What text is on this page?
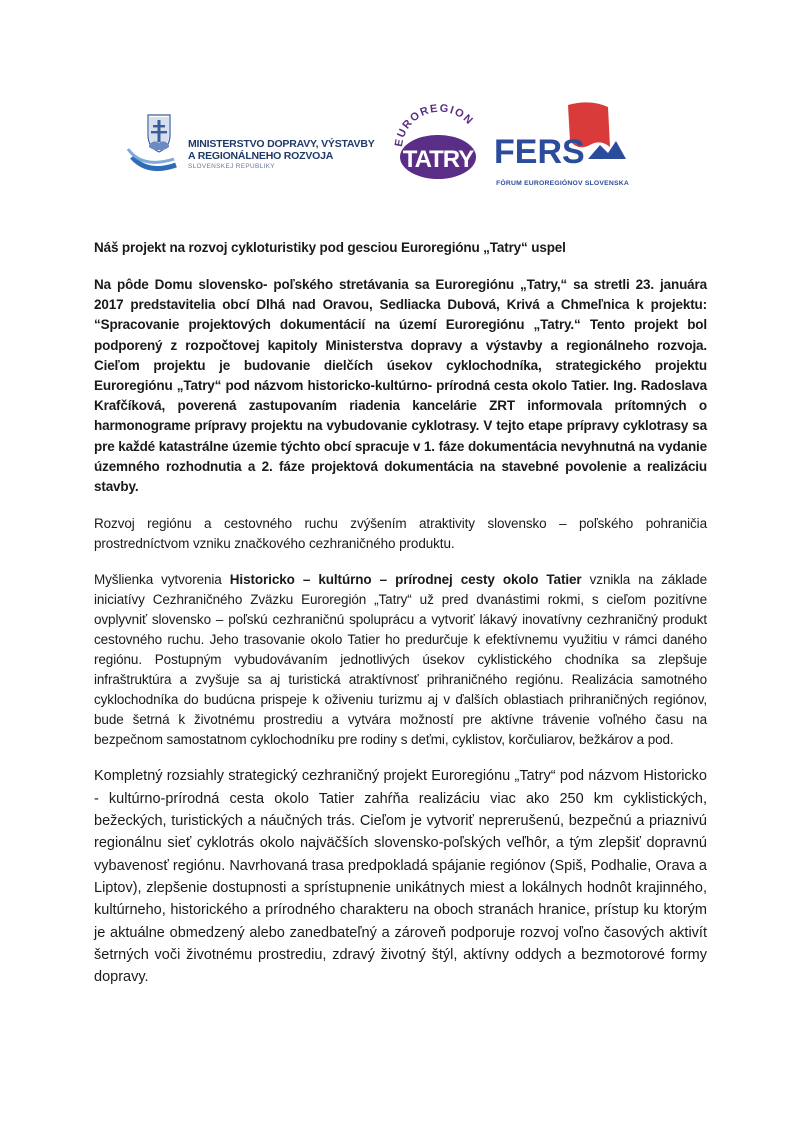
MINISTERSTVO DOPRAVY, VÝSTAVBY
A REGIONÁLNEHO ROZVOJA
SLOVENSKEJ REPUBLIKY
EUROREGION
TATRY FERS
FÓRUM EUROREGIÓNOV SLOVENSKA
Náš projekt na rozvoj cykloturistiky pod gesciou Euroregiónu „Tatry“ uspel

Na pôde Domu slovensko- poľského stretávania sa Euroregiónu „Tatry,“ sa stretli 23. januára 2017 predstavitelia obcí Dlhá nad Oravou, Sedliacka Dubová, Krivá a Chmeľnica k projektu: “Spracovanie projektových dokumentácií na území Euroregiónu „Tatry.“ Tento projekt bol podporený z rozpočtovej kapitoly Ministerstva dopravy a výstavby a regionálneho rozvoja. Cieľom projektu je budovanie dielčích úsekov cyklochodníka, strategického projektu Euroregiónu „Tatry“ pod názvom historicko-kultúrno- prírodná cesta okolo Tatier. Ing. Radoslava Krafčíková, poverená zastupovaním riadenia kancelárie ZRT informovala prítomných o harmonograme prípravy projektu na vybudovanie cyklotrasy. V tejto etape prípravy cyklotrasy sa pre každé katastrálne územie týchto obcí spracuje v 1. fáze dokumentácia nevyhnutná na vydanie územného rozhodnutia a 2. fáze projektová dokumentácia na stavebné povolenie a realizáciu stavby.

Rozvoj regiónu a cestovného ruchu zvýšením atraktivity slovensko – poľského pohraničia prostredníctvom vzniku značkového cezhraničného produktu.

Myšlienka vytvorenia Historicko – kultúrno – prírodnej cesty okolo Tatier vznikla na základe iniciatívy Cezhraničného Zväzku Euroregión „Tatry“ už pred dvanástimi rokmi, s cieľom pozitívne ovplyvniť slovensko – poľskú cezhraničnú spoluprácu a vytvoriť lákavý inovatívny cezhraničný produkt cestovného ruchu. Jeho trasovanie okolo Tatier ho predurčuje k efektívnemu využitiu v rámci daného regiónu. Postupným vybudovávaním jednotlivých úsekov cyklistického chodníka sa zlepšuje infraštruktúra a zvyšuje sa aj turistická atraktívnosť prihraničného regiónu. Realizácia samotného cyklochodníka do budúcna prispeje k oživeniu turizmu aj v ďalších oblastiach prihraničných regiónov, bude šetrná k životnému prostrediu a vytvára možností pre aktívne trávenie voľného času na bezpečnom samostatnom cyklochodníku pre rodiny s deťmi, cyklistov, korčuliarov, bežkárov a pod.

Kompletný rozsiahly strategický cezhraničný projekt Euroregiónu „Tatry“ pod názvom Historicko - kultúrno-prírodná cesta okolo Tatier zahŕňa realizáciu viac ako 250 km cyklistických, bežeckých, turistických a náučných trás. Cieľom je vytvoriť neprerušenú, bezpečnú a priaznivú regionálnu sieť cyklotrás okolo najväčších slovensko-poľských veľhôr, a tým zlepšiť dopravnú vybavenosť regiónu. Navrhovaná trasa predpokladá spájanie regiónov (Spiš, Podhalie, Orava a Liptov), zlepšenie dostupnosti a sprístupnenie unikátnych miest a lokálnych hodnôt krajinného, kultúrneho, historického a prírodného charakteru na oboch stranách hranice, prístup ku ktorým je aktuálne obmedzený alebo zanedbateľný a zároveň podporuje rozvoj voľno časových aktivít šetrných voči životnému prostrediu, zdravý životný štýl, aktívny oddych a bezmotorové formy dopravy.
